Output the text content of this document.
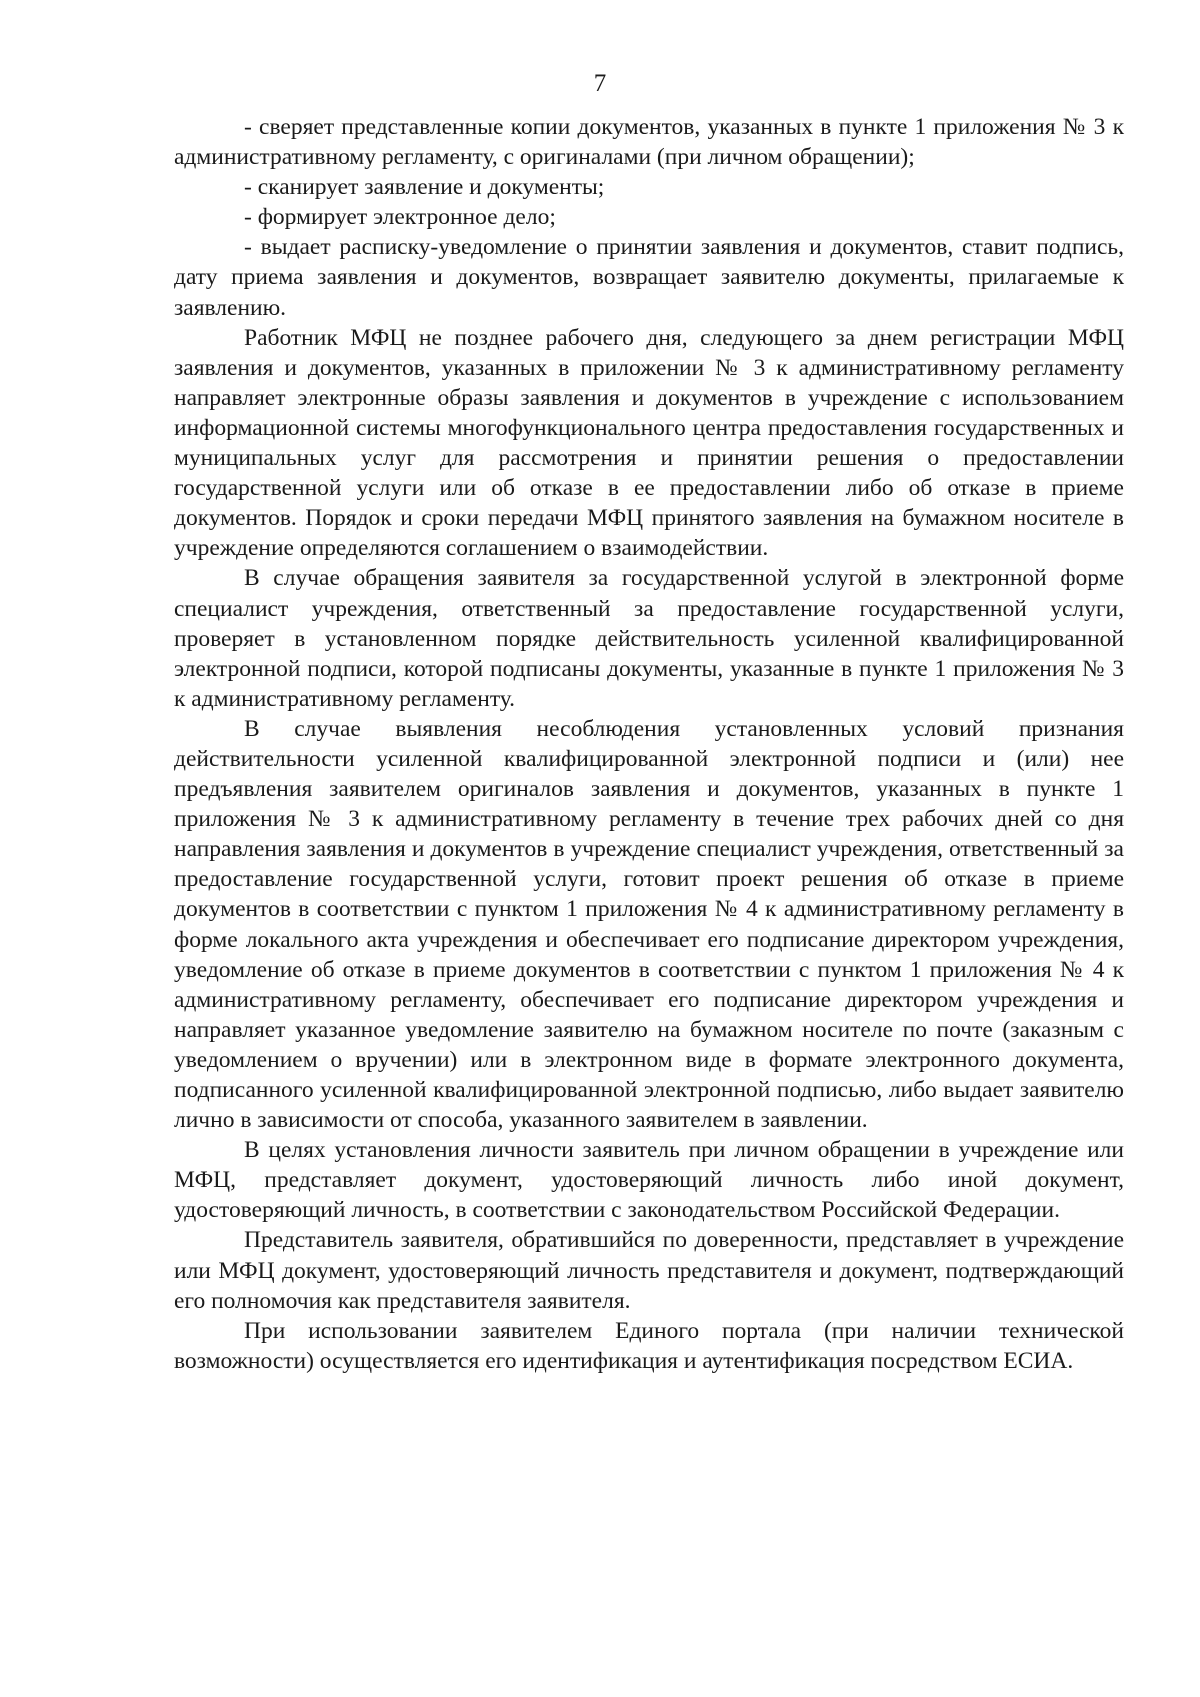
7

- сверяет представленные копии документов, указанных в пункте 1 приложения № 3 к административному регламенту, с оригиналами (при личном обращении);

- сканирует заявление и документы;

- формирует электронное дело;

- выдает расписку-уведомление о принятии заявления и документов, ставит подпись, дату приема заявления и документов, возвращает заявителю документы, прилагаемые к заявлению.

Работник МФЦ не позднее рабочего дня, следующего за днем регистрации МФЦ заявления и документов, указанных в приложении № 3 к административному регламенту направляет электронные образы заявления и документов в учреждение с использованием информационной системы многофункционального центра предоставления государственных и муниципальных услуг для рассмотрения и принятии решения о предоставлении государственной услуги или об отказе в ее предоставлении либо об отказе в приеме документов. Порядок и сроки передачи МФЦ принятого заявления на бумажном носителе в учреждение определяются соглашением о взаимодействии.

В случае обращения заявителя за государственной услугой в электронной форме специалист учреждения, ответственный за предоставление государственной услуги, проверяет в установленном порядке действительность усиленной квалифицированной электронной подписи, которой подписаны документы, указанные в пункте 1 приложения № 3 к административному регламенту.

В случае выявления несоблюдения установленных условий признания действительности усиленной квалифицированной электронной подписи и (или) нее предъявления заявителем оригиналов заявления и документов, указанных в пункте 1 приложения № 3 к административному регламенту в течение трех рабочих дней со дня направления заявления и документов в учреждение специалист учреждения, ответственный за предоставление государственной услуги, готовит проект решения об отказе в приеме документов в соответствии с пунктом 1 приложения № 4 к административному регламенту в форме локального акта учреждения и обеспечивает его подписание директором учреждения, уведомление об отказе в приеме документов в соответствии с пунктом 1 приложения № 4 к административному регламенту, обеспечивает его подписание директором учреждения и направляет указанное уведомление заявителю на бумажном носителе по почте (заказным с уведомлением о вручении) или в электронном виде в формате электронного документа, подписанного усиленной квалифицированной электронной подписью, либо выдает заявителю лично в зависимости от способа, указанного заявителем в заявлении.

В целях установления личности заявитель при личном обращении в учреждение или МФЦ, представляет документ, удостоверяющий личность либо иной документ, удостоверяющий личность, в соответствии с законодательством Российской Федерации.

Представитель заявителя, обратившийся по доверенности, представляет в учреждение или МФЦ документ, удостоверяющий личность представителя и документ, подтверждающий его полномочия как представителя заявителя.

При использовании заявителем Единого портала (при наличии технической возможности) осуществляется его идентификация и аутентификация посредством ЕСИА.
